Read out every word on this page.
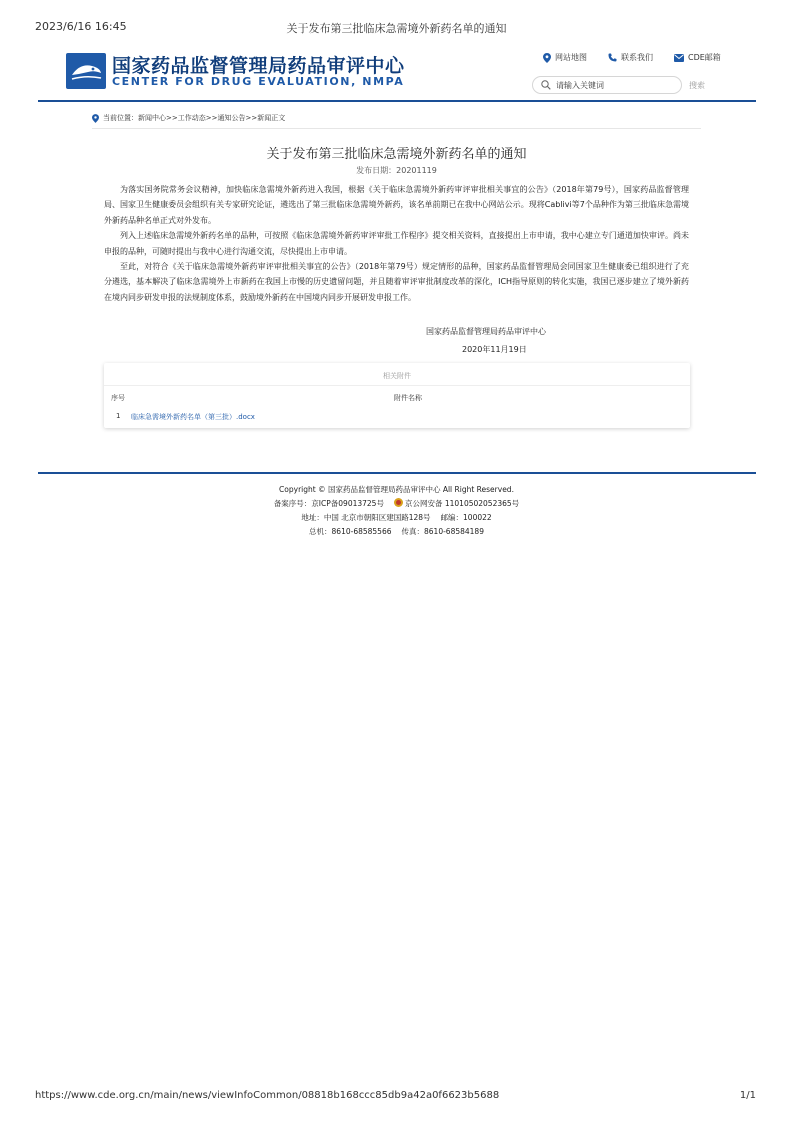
2023/6/16 16:45	关于发布第三批临床急需境外新药名单的通知
国家药品监督管理局药品审评中心
CENTER FOR DRUG EVALUATION, NMPA
网站地图	联系我们	CDE邮箱
请输入关键词
搜索
当前位置： 新闻中心 >> 工作动态 >> 通知公告 >> 新闻正文
关于发布第三批临床急需境外新药名单的通知
发布日期：20201119

为落实国务院常务会议精神，加快临床急需境外新药进入我国，根据《关于临床急需境外新药审评审批相关事宜的公告》（2018年第79号），国家药品监督管理局、国家卫生健康委员会组织有关专家研究论证，遴选出了第三批临床急需境外新药，该名单前期已在我中心网站公示。现将Cablivi等7个品种作为第三批临床急需境外新药品种名单正式对外发布。

列入上述临床急需境外新药名单的品种，可按照《临床急需境外新药审评审批工作程序》提交相关资料，直接提出上市申请，我中心建立专门通道加快审评。尚未申报的品种，可随时提出与我中心进行沟通交流，尽快提出上市申请。

至此，对符合《关于临床急需境外新药审评审批相关事宜的公告》（2018年第79号）规定情形的品种，国家药品监督管理局会同国家卫生健康委已组织进行了充分遴选，基本解决了临床急需境外上市新药在我国上市慢的历史遗留问题，并且随着审评审批制度改革的深化，ICH指导原则的转化实施，我国已逐步建立了境外新药在境内同步研发申报的法规制度体系，鼓励境外新药在中国境内同步开展研发申报工作。

国家药品监督管理局药品审评中心
2020年11月19日
相关附件
序号	附件名称
1 临床急需境外新药名单（第三批）.docx
Copyright © 国家药品监督管理局药品审评中心 All Right Reserved.
备案序号：京ICP备09013725号	京公网安备 11010502052365号
地址：中国 北京市朝阳区建国路128号 邮编：100022
总机：8610-68585566 传真：8610-68584189
https://www.cde.org.cn/main/news/viewInfoCommon/08818b168ccc85db9a42a0f6623b5688	1/1
